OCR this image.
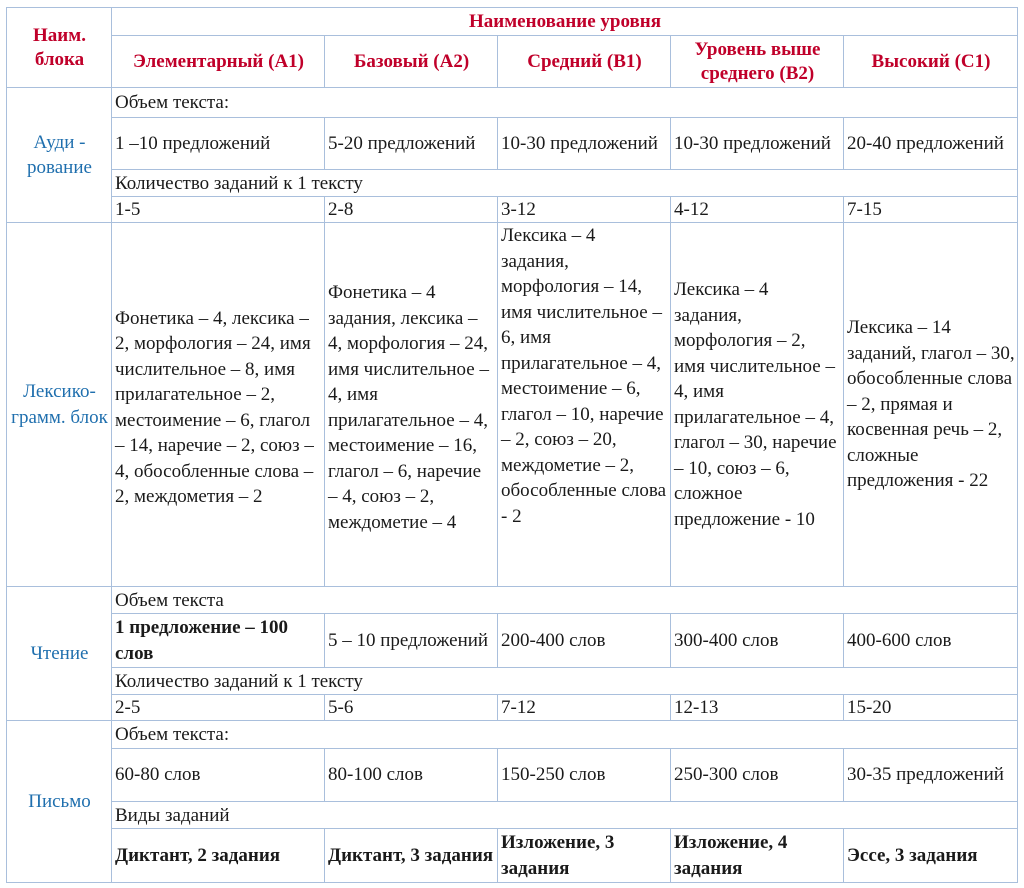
Наим. блока	Наименование уровня				
	Элементарный (А1)	Базовый (А2)	Средний (В1)	Уровень выше среднего (В2)	Высокий (С1)
Ауди - рование	Объем текста:				
	1 –10 предложений	5-20 предложений	10-30 предложений	10-30 предложений	20-40 предложений
	Количество заданий к 1 тексту				
	1-5	2-8	3-12	4-12	7-15
Лексико-грамм. блок	Фонетика – 4, лексика – 2, морфология – 24, имя числительное – 8, имя прилагательное – 2, местоимение – 6, глагол – 14, наречие – 2, союз – 4, обособленные слова – 2, междометия – 2	Фонетика – 4 задания, лексика – 4, морфология – 24, имя числительное – 4, имя прилагательное – 4, местоимение – 16, глагол – 6, наречие – 4, союз – 2, междометие – 4	Лексика – 4 задания, морфология – 14, имя числительное – 6, имя прилагательное – 4, местоимение – 6, глагол – 10, наречие – 2, союз – 20, междометие – 2, обособленные слова - 2	Лексика – 4 задания, морфология – 2, имя числительное – 4, имя прилагательное – 4, глагол – 30, наречие – 10, союз – 6, сложное предложение - 10	Лексика – 14 заданий, глагол – 30, обособленные слова – 2, прямая и косвенная речь – 2, сложные предложения - 22
Чтение	Объем текста				
	1 предложение – 100 слов	5 – 10 предложений	200-400 слов	300-400 слов	400-600 слов
	Количество заданий к 1 тексту				
	2-5	5-6	7-12	12-13	15-20
Письмо	Объем текста:				
	60-80 слов	80-100 слов	150-250 слов	250-300 слов	30-35 предложений
	Виды заданий				
	Диктант, 2 задания	Диктант, 3 задания	Изложение, 3 задания	Изложение, 4 задания	Эссе, 3 задания
